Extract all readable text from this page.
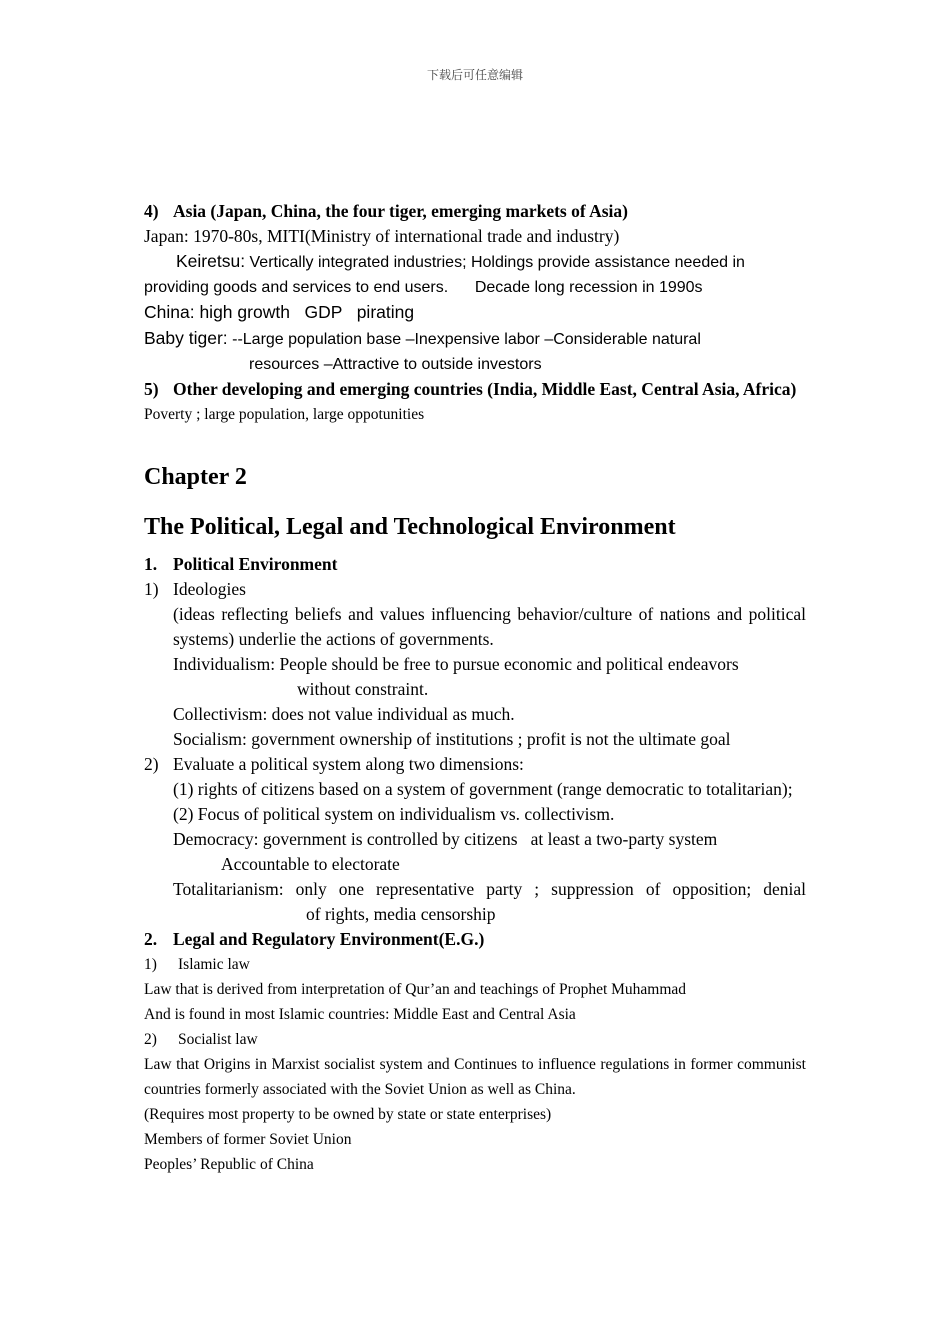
下载后可任意编辑
4) Asia (Japan, China, the four tiger, emerging markets of Asia)
Japan: 1970-80s, MITI(Ministry of international trade and industry)
Keiretsu: Vertically integrated industries; Holdings provide assistance needed in
providing goods and services to end users.      Decade long recession in 1990s
China: high growth   GDP   pirating
Baby tiger: --Large population base –Inexpensive labor –Considerable natural
resources –Attractive to outside investors
5) Other developing and emerging countries (India, Middle East, Central Asia, Africa)
Poverty ; large population, large oppotunities
Chapter 2
The Political, Legal and Technological Environment
1. Political Environment
1) Ideologies
(ideas reflecting beliefs and values influencing behavior/culture of nations and political systems) underlie the actions of governments.
Individualism: People should be free to pursue economic and political endeavors
without constraint.
Collectivism: does not value individual as much.
Socialism: government ownership of institutions ; profit is not the ultimate goal
2) Evaluate a political system along two dimensions:
(1) rights of citizens based on a system of government (range democratic to totalitarian);
(2) Focus of political system on individualism vs. collectivism.
Democracy: government is controlled by citizens   at least a two-party system
Accountable to electorate
Totalitarianism: only one representative party ; suppression of opposition; denial
of rights, media censorship
2. Legal and Regulatory Environment(E.G.)
1) Islamic law
Law that is derived from interpretation of Qur’an and teachings of Prophet Muhammad
And is found in most Islamic countries: Middle East and Central Asia
2) Socialist law
Law that Origins in Marxist socialist system and Continues to influence regulations in former communist countries formerly associated with the Soviet Union as well as China.
(Requires most property to be owned by state or state enterprises)
Members of former Soviet Union
Peoples’ Republic of China
